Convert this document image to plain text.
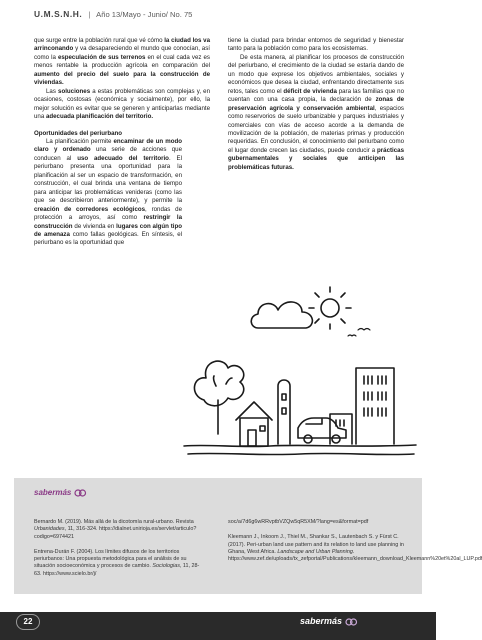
U.M.S.N.H. | Año 13/Mayo - Junio/ No. 75

que surge entre la población rural que vé cómo la ciudad los va arrinconando y va desapareciendo el mundo que conocían, así como la especulación de sus terrenos en el cual cada vez es menos rentable la producción agrícola en comparación del aumento del precio del suelo para la construcción de viviendas.

Las soluciones a estas problemáticas son complejas y, en ocasiones, costosas (económica y socialmente), por ello, la mejor solución es evitar que se generen y anticiparlas mediante una adecuada planificación del territorio.

Oportunidades del periurbano

La planificación permite encaminar de un modo claro y ordenado una serie de acciones que conducen al uso adecuado del territorio. El periurbano presenta una oportunidad para la planificación al ser un espacio de transformación, en construcción, el cual brinda una ventana de tiempo para anticipar las problemáticas venideras (como las que se describieron anteriormente), y permite la creación de corredores ecológicos, rondas de protección a arroyos, así como restringir la construcción de vivienda en lugares con algún tipo de amenaza como fallas geológicas. En síntesis, el periurbano es la oportunidad que

tiene la ciudad para brindar entornos de seguridad y bienestar tanto para la población como para los ecosistemas.

De esta manera, al planificar los procesos de construcción del periurbano, el crecimiento de la ciudad se estaría dando de un modo que exprese los objetivos ambientales, sociales y económicos que desea la ciudad, enfrentando directamente sus retos, tales como el déficit de vivienda para las familias que no cuentan con una casa propia, la declaración de zonas de preservación agrícola y conservación ambiental, espacios como reservorios de suelo urbanizable y parques industriales y comerciales con vías de acceso acorde a la demanda de movilización de la población, de materias primas y producción requeridas. En conclusión, el conocimiento del periurbano como el lugar donde crecen las ciudades, puede conducir a prácticas gubernamentales y sociales que anticipen las problemáticas futuras.

sabermás

Bernardo M. (2019). Más allá de la dicotomía rural-urbano. Revista Urbanidades, 11, 316-324. https://dialnet.unirioja.es/servlet/articulo?codigo=6974421

Entrena-Durán F. (2004). Los límites difusos de los territorios periurbanos: Una propuesta metodológica para el análisis de su situación socioeconómica y procesos de cambio. Sociologias, 11, 28-63. https://www.scielo.br/j/

soc/a/7d6g6wRRvptbVZQw5qR5XM/?lang=es&format=pdf

Kleemann J., Inkoom J., Thiel M., Shankar S., Lautenbach S. y Fürst C. (2017). Peri-urban land use pattern and its relation to land use planning in Ghana, West Africa. Landscape and Urban Planning. https://www.zef.de/uploads/tx_zefportal/Publications/kleemann_download_Kleemann%20et%20al_LUP.pdf

22	sabermás
